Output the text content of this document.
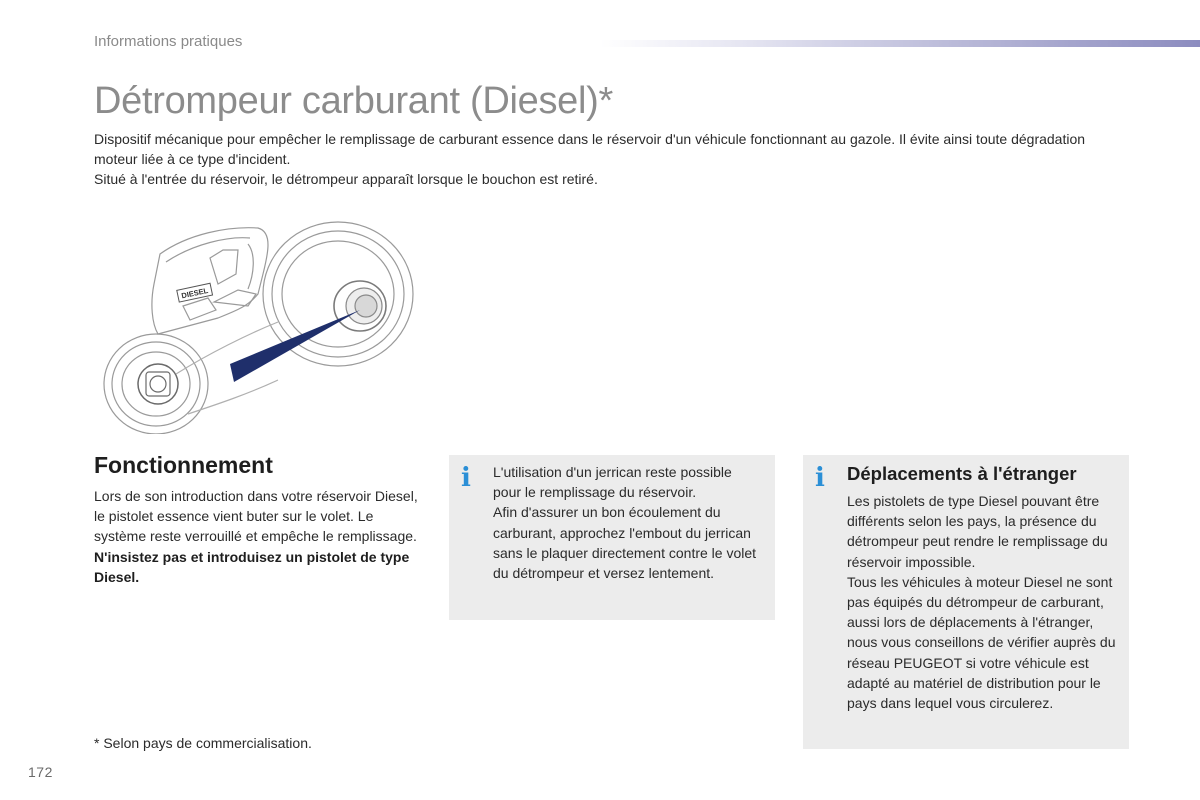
Informations pratiques
Détrompeur carburant (Diesel)*

Dispositif mécanique pour empêcher le remplissage de carburant essence dans le réservoir d'un véhicule fonctionnant au gazole. Il évite ainsi toute dégradation moteur liée à ce type d'incident.

Situé à l'entrée du réservoir, le détrompeur apparaît lorsque le bouchon est retiré.

DIESEL
Fonctionnement

Lors de son introduction dans votre réservoir Diesel, le pistolet essence vient buter sur le volet. Le système reste verrouillé et empêche le remplissage.

N'insistez pas et introduisez un pistolet de type Diesel.

i L'utilisation d'un jerrican reste possible pour le remplissage du réservoir.

Afin d'assurer un bon écoulement du carburant, approchez l'embout du jerrican sans le plaquer directement contre le volet du détrompeur et versez lentement.

i Déplacements à l'étranger

Les pistolets de type Diesel pouvant être différents selon les pays, la présence du détrompeur peut rendre le remplissage du réservoir impossible.

Tous les véhicules à moteur Diesel ne sont pas équipés du détrompeur de carburant, aussi lors de déplacements à l'étranger, nous vous conseillons de vérifier auprès du réseau PEUGEOT si votre véhicule est adapté au matériel de distribution pour le pays dans lequel vous circulerez.

* Selon pays de commercialisation.
172
